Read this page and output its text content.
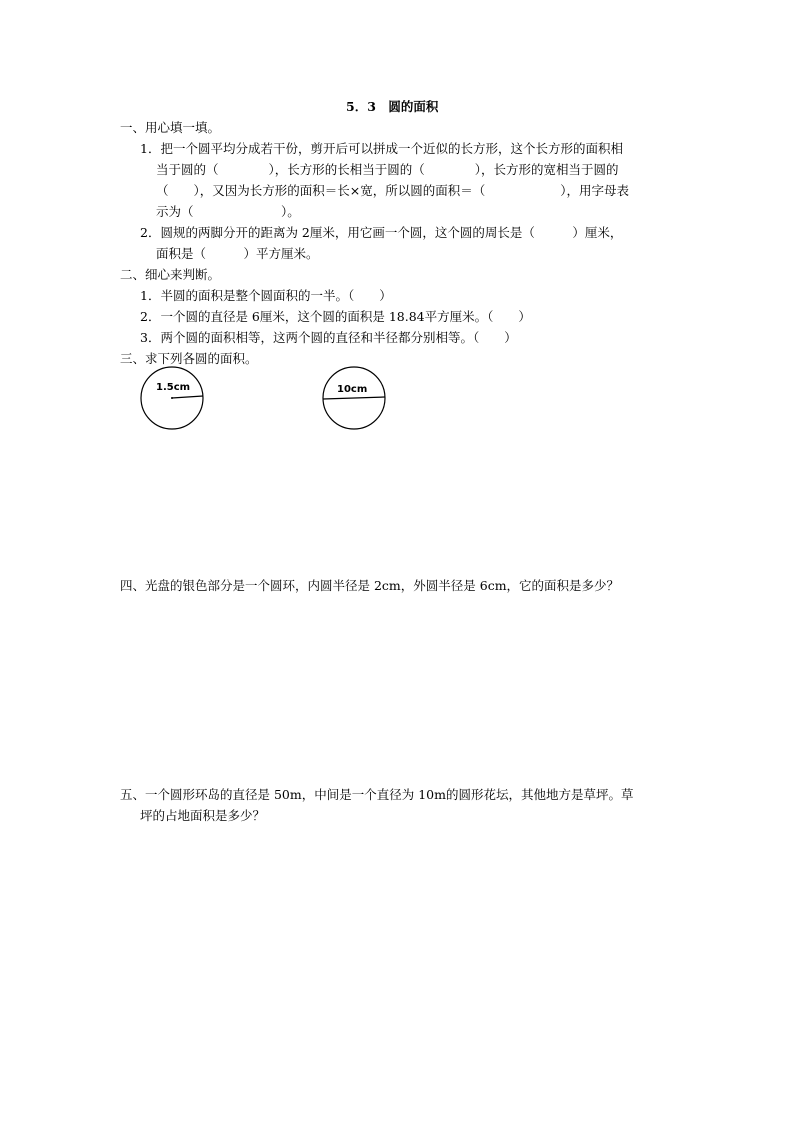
5．3　圆的面积
一、用心填一填。
1．把一个圆平均分成若干份，剪开后可以拼成一个近似的长方形，这个长方形的面积相
当于圆的（　　　　），长方形的长相当于圆的（　　　　），长方形的宽相当于圆的
（　　），又因为长方形的面积＝长×宽，所以圆的面积＝（　　　　　　），用字母表
示为（　　　　　　　）。
2．圆规的两脚分开的距离为 2厘米，用它画一个圆，这个圆的周长是（　　　）厘米，
面积是（　　　）平方厘米。
二、细心来判断。
1．半圆的面积是整个圆面积的一半。（　　）
2．一个圆的直径是 6厘米，这个圆的面积是 18.84平方厘米。（　　）
3．两个圆的面积相等，这两个圆的直径和半径都分别相等。（　　）
三、求下列各圆的面积。
1.5cm	10cm
四、光盘的银色部分是一个圆环，内圆半径是 2cm，外圆半径是 6cm，它的面积是多少？
五、一个圆形环岛的直径是 50m，中间是一个直径为 10m的圆形花坛，其他地方是草坪。草
坪的占地面积是多少？
